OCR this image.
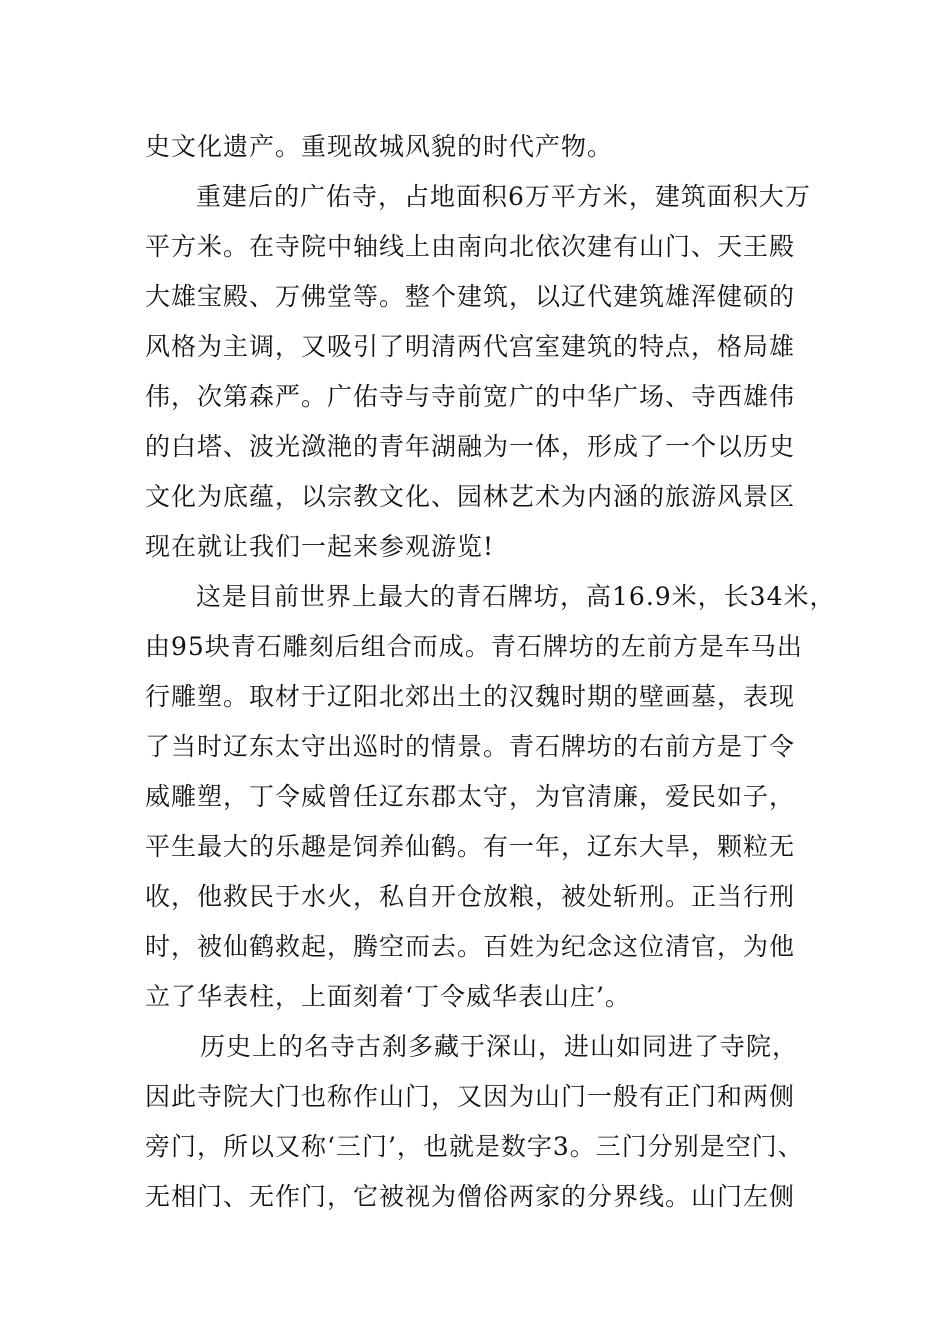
史文化遗产。重现故城风貌的时代产物。
重建后的广佑寺，占地面积6万平方米，建筑面积大万
平方米。在寺院中轴线上由南向北依次建有山门、天王殿
大雄宝殿、万佛堂等。整个建筑，以辽代建筑雄浑健硕的
风格为主调，又吸引了明清两代宫室建筑的特点，格局雄
伟，次第森严。广佑寺与寺前宽广的中华广场、寺西雄伟
的白塔、波光潋滟的青年湖融为一体，形成了一个以历史
文化为底蕴，以宗教文化、园林艺术为内涵的旅游风景区
现在就让我们一起来参观游览!
这是目前世界上最大的青石牌坊，高16.9米，长34米，
由95块青石雕刻后组合而成。青石牌坊的左前方是车马出
行雕塑。取材于辽阳北郊出土的汉魏时期的壁画墓，表现
了当时辽东太守出巡时的情景。青石牌坊的右前方是丁令
威雕塑，丁令威曾任辽东郡太守，为官清廉，爱民如子，
平生最大的乐趣是饲养仙鹤。有一年，辽东大旱，颗粒无
收，他救民于水火，私自开仓放粮，被处斩刑。正当行刑
时，被仙鹤救起，腾空而去。百姓为纪念这位清官，为他
立了华表柱，上面刻着‘丁令威华表山庄’。
历史上的名寺古刹多藏于深山，进山如同进了寺院，
因此寺院大门也称作山门，又因为山门一般有正门和两侧
旁门，所以又称‘三门’，也就是数字3。三门分别是空门、
无相门、无作门，它被视为僧俗两家的分界线。山门左侧
